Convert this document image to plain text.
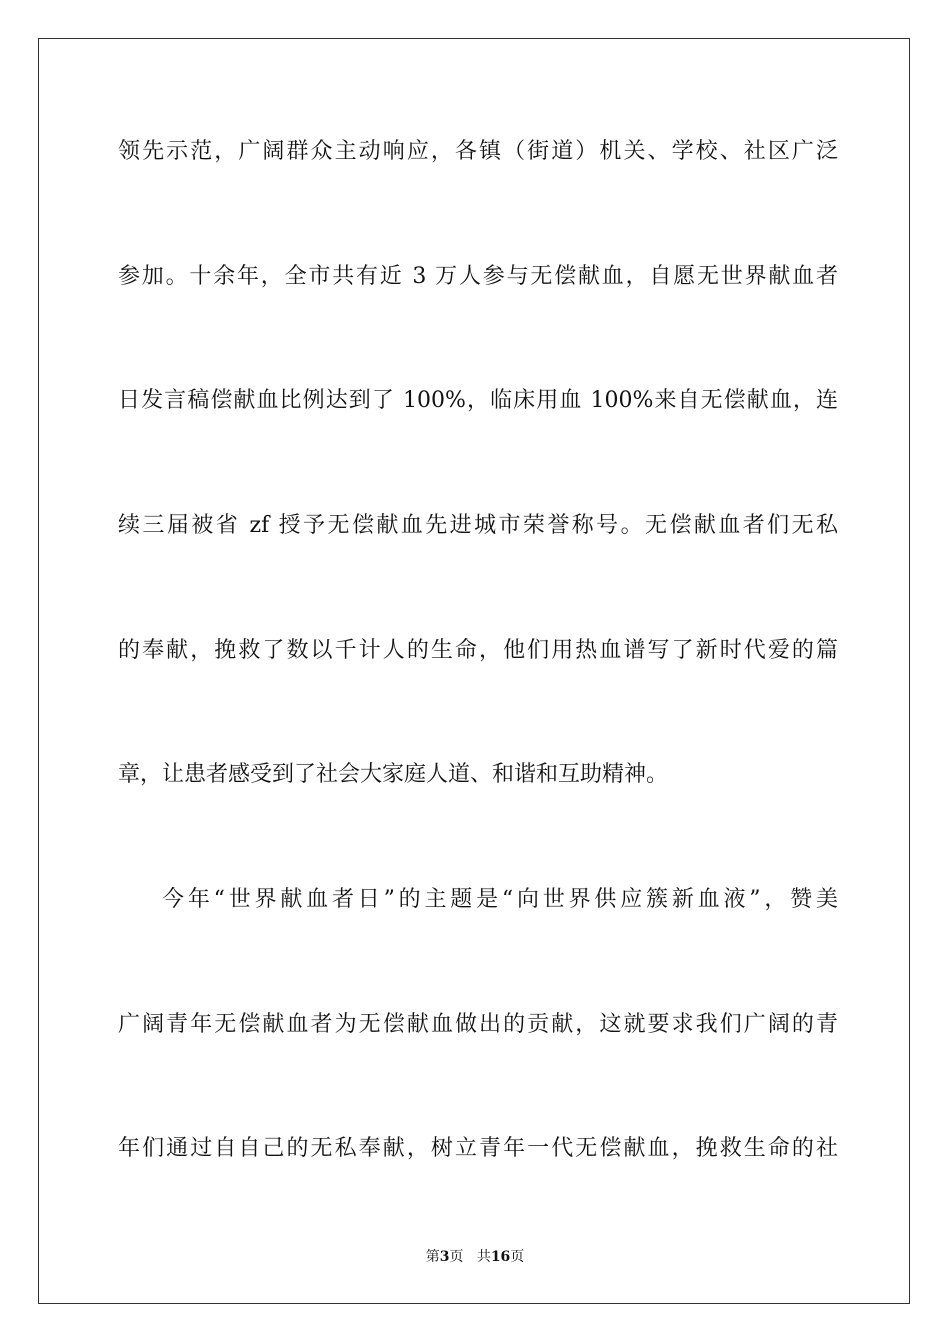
领先示范，广阔群众主动响应，各镇（街道）机关、学校、社区广泛
参加。十余年，全市共有近 3 万人参与无偿献血，自愿无世界献血者
日发言稿偿献血比例达到了 100%，临床用血 100%来自无偿献血，连
续三届被省 zf 授予无偿献血先进城市荣誉称号。无偿献血者们无私
的奉献，挽救了数以千计人的生命，他们用热血谱写了新时代爱的篇
章，让患者感受到了社会大家庭人道、和谐和互助精神。
今年“世界献血者日”的主题是“向世界供应簇新血液”，赞美
广阔青年无偿献血者为无偿献血做出的贡献，这就要求我们广阔的青
年们通过自自己的无私奉献，树立青年一代无偿献血，挽救生命的社
第3页 共16页
